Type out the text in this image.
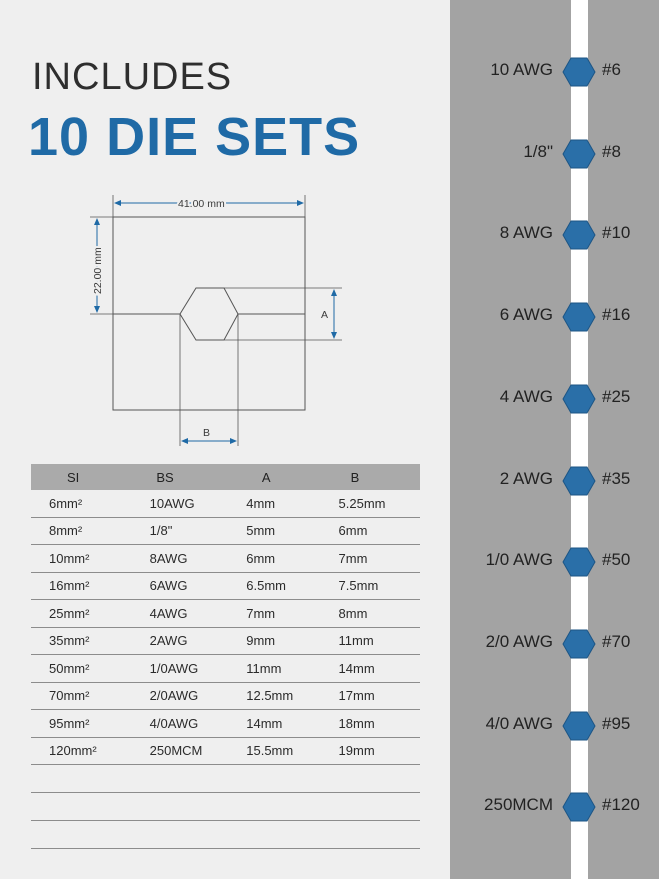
INCLUDES
10 DIE SETS
A
B
41.00 mm
22.00 mm
SI	BS	A	B
6mm²	10AWG	4mm	5.25mm
8mm²	1/8"	5mm	6mm
10mm²	8AWG	6mm	7mm
16mm²	6AWG	6.5mm	7.5mm
25mm²	4AWG	7mm	8mm
35mm²	2AWG	9mm	11mm
50mm²	1/0AWG	11mm	14mm
70mm²	2/0AWG	12.5mm	17mm
95mm²	4/0AWG	14mm	18mm
120mm²	250MCM	15.5mm	19mm
10 AWG	#6
1/8"	#8
8 AWG	#10
6 AWG	#16
4 AWG	#25
2 AWG	#35
1/0 AWG	#50
2/0 AWG	#70
4/0 AWG	#95
250MCM	#120
